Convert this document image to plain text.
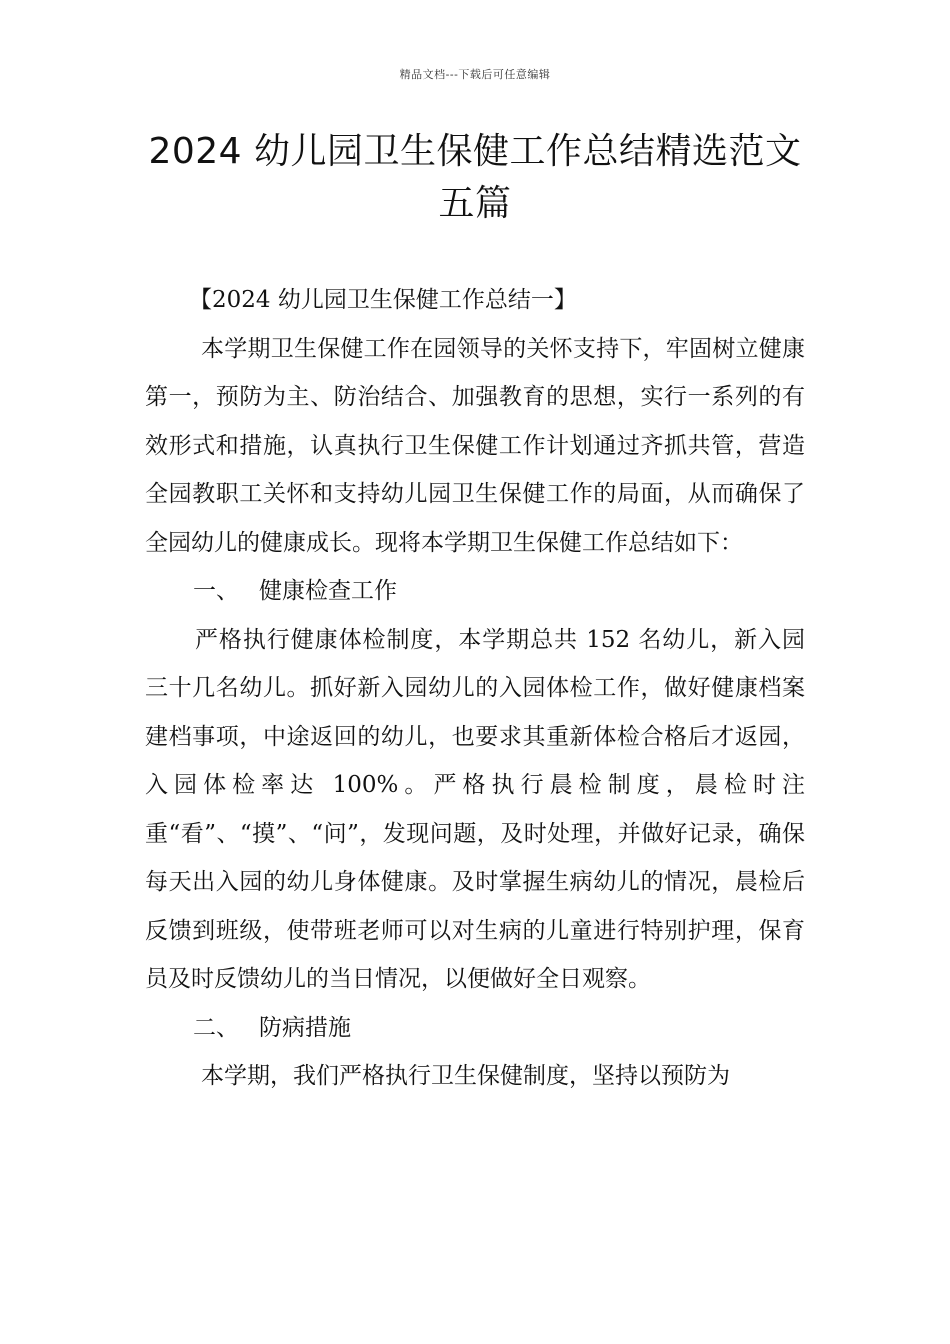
精品文档---下载后可任意编辑
2024 幼儿园卫生保健工作总结精选范文
五篇

【2024 幼儿园卫生保健工作总结一】

本学期卫生保健工作在园领导的关怀支持下，牢固树立健康第一，预防为主、防治结合、加强教育的思想，实行一系列的有效形式和措施，认真执行卫生保健工作计划通过齐抓共管，营造全园教职工关怀和支持幼儿园卫生保健工作的局面，从而确保了全园幼儿的健康成长。现将本学期卫生保健工作总结如下：

一、 健康检查工作

严格执行健康体检制度，本学期总共 152 名幼儿，新入园三十几名幼儿。抓好新入园幼儿的入园体检工作，做好健康档案建档事项，中途返回的幼儿，也要求其重新体检合格后才返园，入园体检率达 100%。严格执行晨检制度，晨检时注重“看”、“摸”、“问”，发现问题，及时处理，并做好记录，确保每天出入园的幼儿身体健康。及时掌握生病幼儿的情况，晨检后反馈到班级，使带班老师可以对生病的儿童进行特别护理，保育员及时反馈幼儿的当日情况，以便做好全日观察。

二、 防病措施

本学期，我们严格执行卫生保健制度，坚持以预防为
